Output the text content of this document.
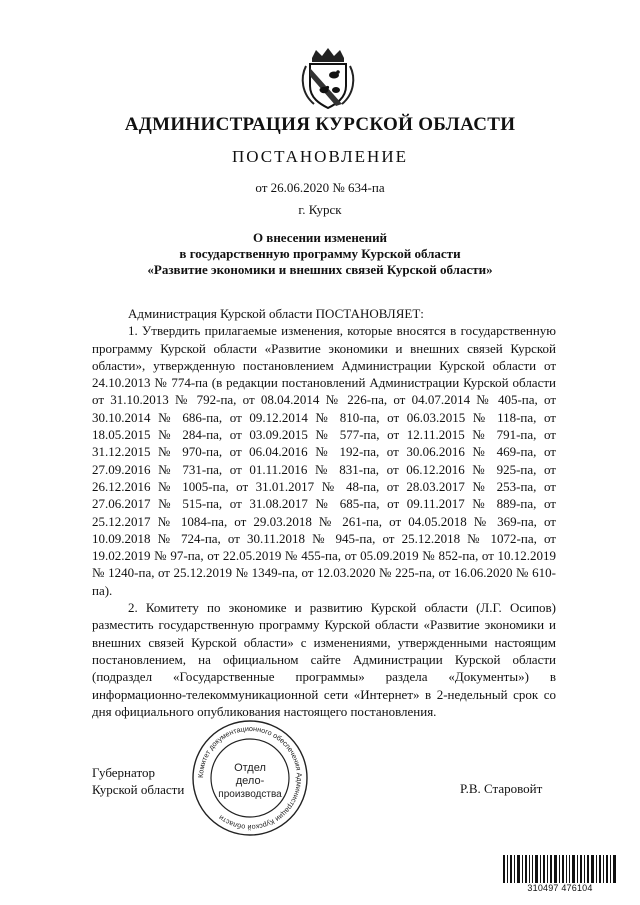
АДМИНИСТРАЦИЯ КУРСКОЙ ОБЛАСТИ
ПОСТАНОВЛЕНИЕ
от 26.06.2020 № 634-па
г. Курск
О внесении изменений
в государственную программу Курской области
«Развитие экономики и внешних связей Курской области»

Администрация Курской области ПОСТАНОВЛЯЕТ:

1. Утвердить прилагаемые изменения, которые вносятся в государственную программу Курской области «Развитие экономики и внешних связей Курской области», утвержденную постановлением Администрации Курской области от 24.10.2013 № 774-па (в редакции постановлений Администрации Курской области от 31.10.2013 № 792-па, от 08.04.2014 № 226-па, от 04.07.2014 № 405-па, от 30.10.2014 № 686-па, от 09.12.2014 № 810-па, от 06.03.2015 № 118-па, от 18.05.2015 № 284-па, от 03.09.2015 № 577-па, от 12.11.2015 № 791-па, от 31.12.2015 № 970-па, от 06.04.2016 № 192-па, от 30.06.2016 № 469-па, от 27.09.2016 № 731-па, от 01.11.2016 № 831-па, от 06.12.2016 № 925-па, от 26.12.2016 № 1005-па, от 31.01.2017 № 48-па, от 28.03.2017 № 253-па, от 27.06.2017 № 515-па, от 31.08.2017 № 685-па, от 09.11.2017 № 889-па, от 25.12.2017 № 1084-па, от 29.03.2018 № 261-па, от 04.05.2018 № 369-па, от 10.09.2018 № 724-па, от 30.11.2018 № 945-па, от 25.12.2018 № 1072-па, от 19.02.2019 № 97-па, от 22.05.2019 № 455-па, от 05.09.2019 № 852-па, от 10.12.2019 № 1240-па, от 25.12.2019 № 1349-па, от 12.03.2020 № 225-па, от 16.06.2020 № 610-па).

2. Комитету по экономике и развитию Курской области (Л.Г. Осипов) разместить государственную программу Курской области «Развитие экономики и внешних связей Курской области» с изменениями, утвержденными настоящим постановлением, на официальном сайте Администрации Курской области (подраздел «Государственные программы» раздела «Документы») в информационно-телекоммуникационной сети «Интернет» в 2-недельный срок со дня официального опубликования настоящего постановления.

Губернатор
Курской области	Р.В. Старовойт
Комитет документационного обеспечения Администрации Курской области
Отдел
дело-
производства
310497 476104
